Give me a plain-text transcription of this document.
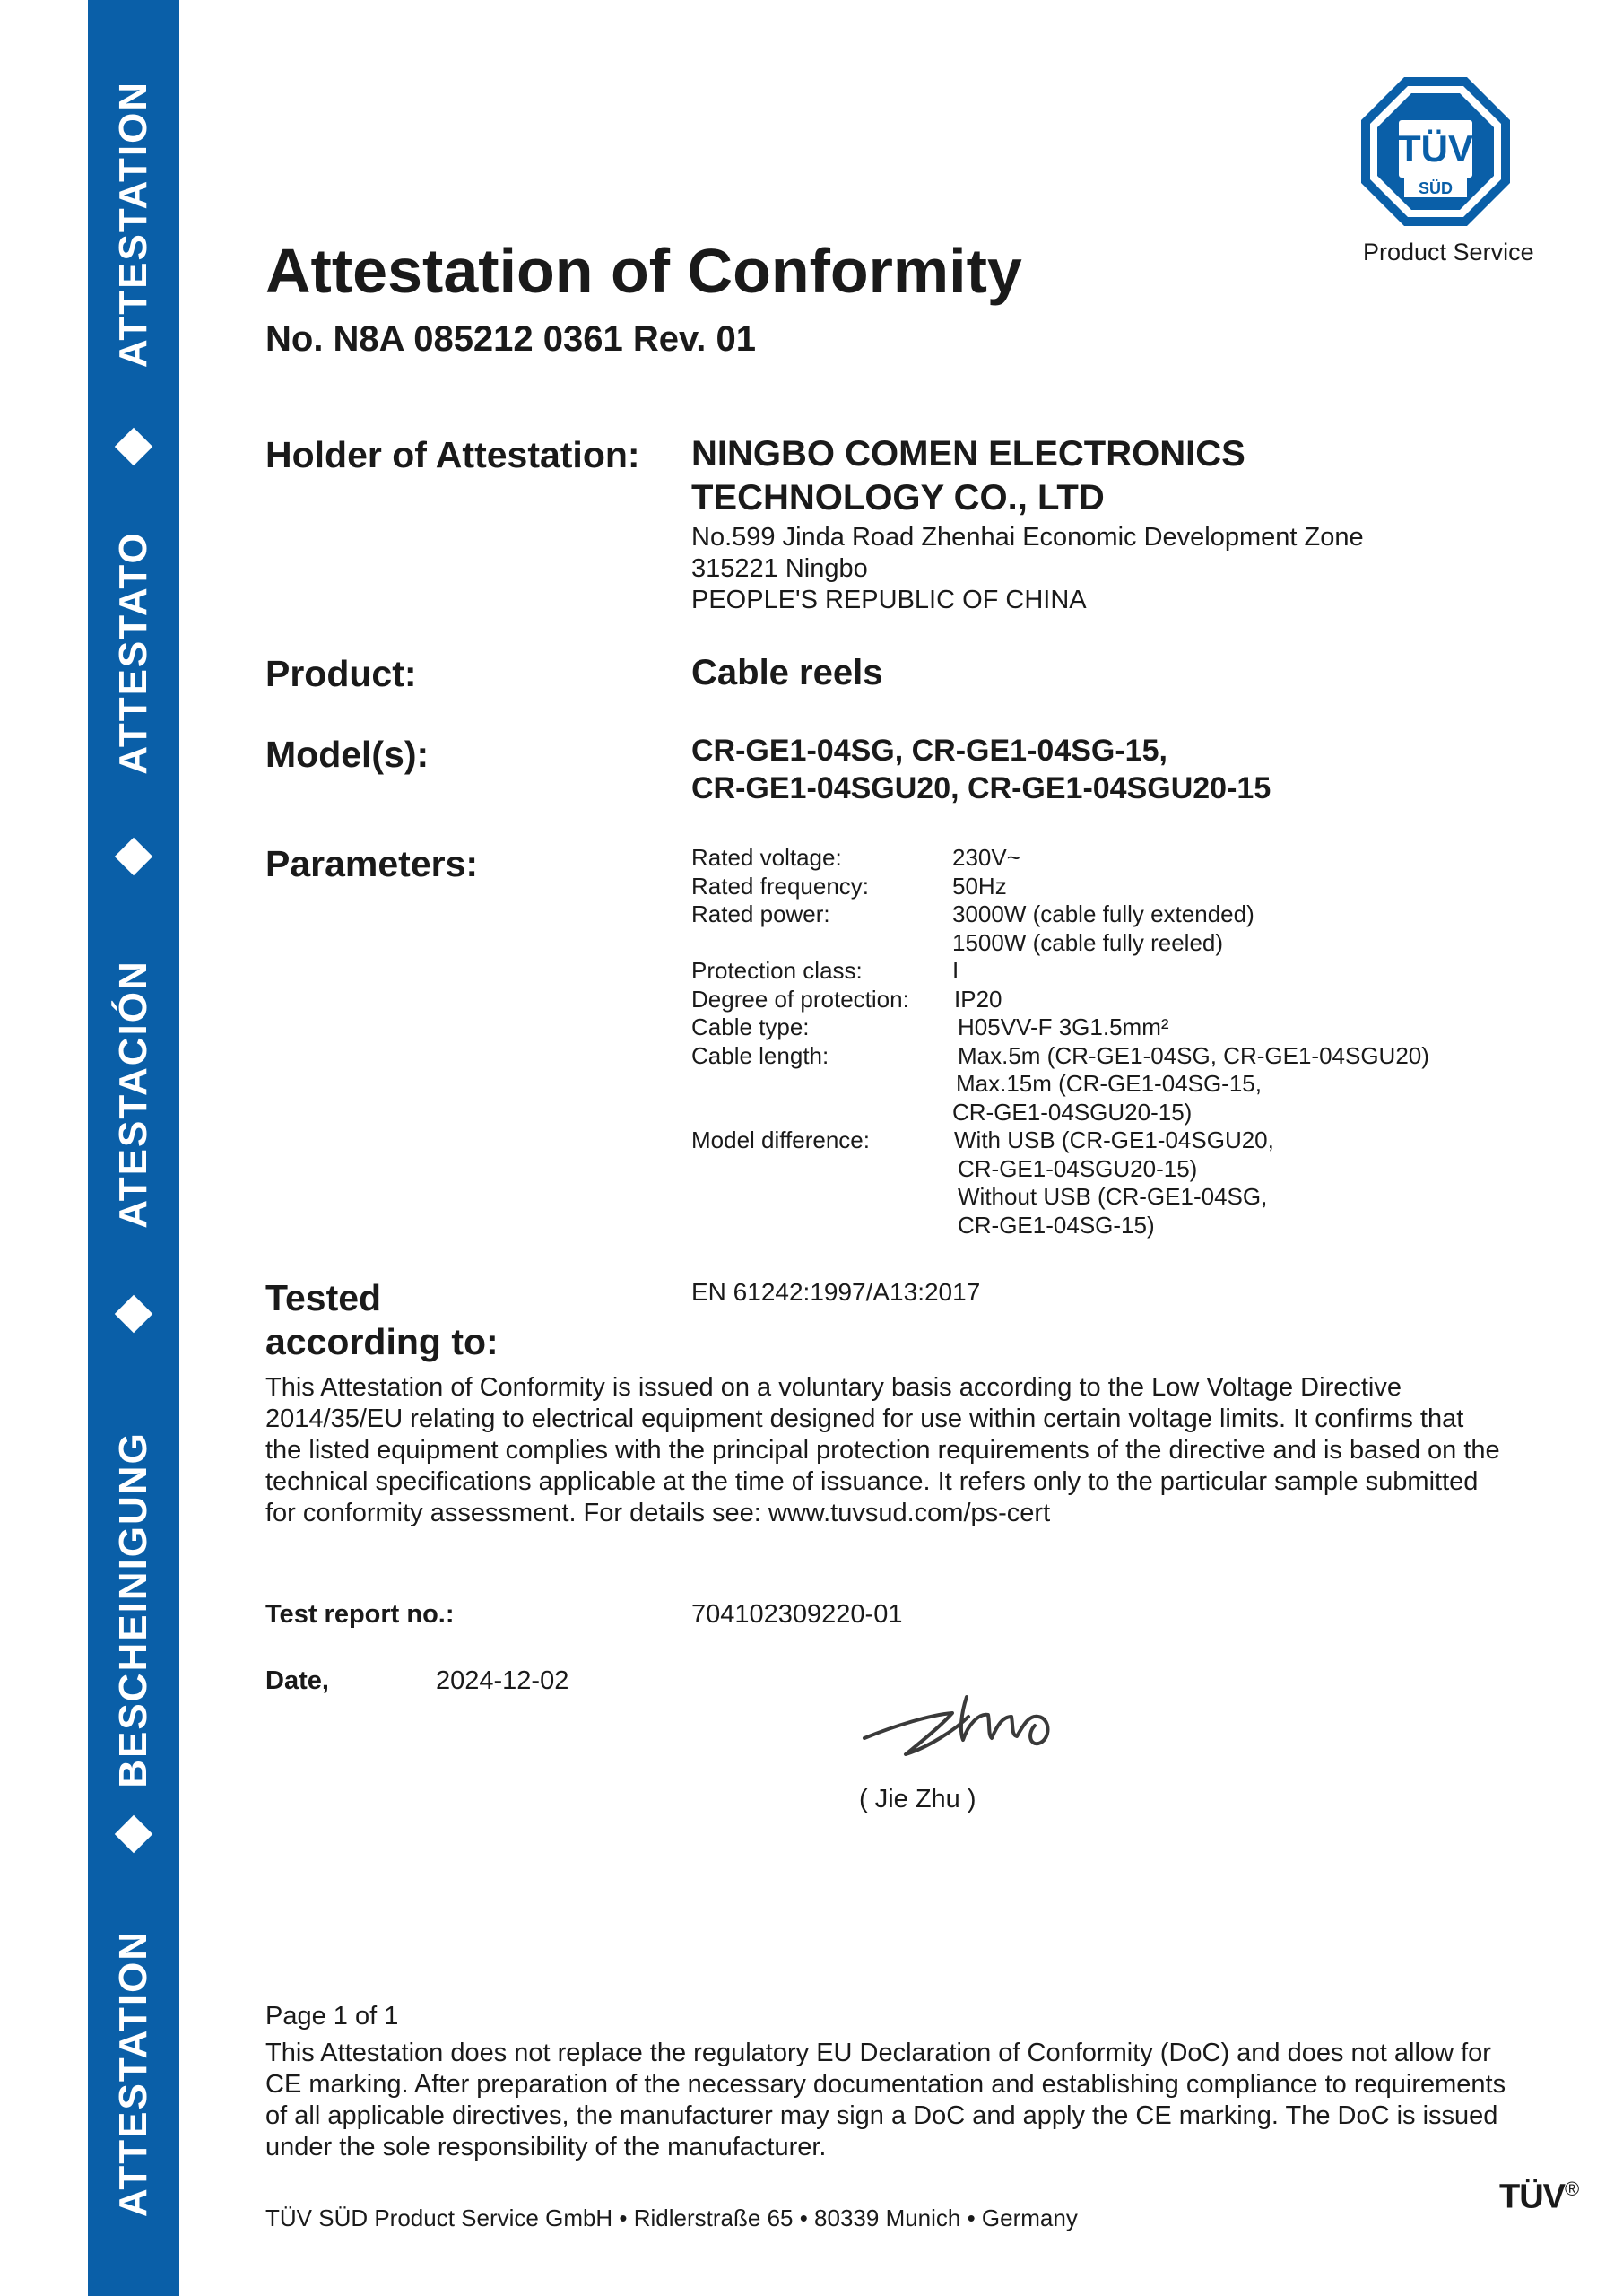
ATTESTATION
ATTESTATO
ATESTACIÓN
BESCHEINIGUNG
ATTESTATION
TÜV
SÜD
Product Service
Attestation of Conformity
No. N8A 085212 0361 Rev. 01
Holder of Attestation: NINGBO COMEN ELECTRONICS
TECHNOLOGY CO., LTD
No.599 Jinda Road Zhenhai Economic Development Zone
315221 Ningbo
PEOPLE'S REPUBLIC OF CHINA
Product:	Cable reels
Model(s):	CR-GE1-04SG, CR-GE1-04SG-15,
CR-GE1-04SGU20, CR-GE1-04SGU20-15
Parameters:	Rated voltage:	230V~
Rated frequency:	50Hz
Rated power:	3000W (cable fully extended)
1500W (cable fully reeled)
Protection class:	I
Degree of protection: IP20
Cable type:	H05VV-F 3G1.5mm²
Cable length:	Max.5m (CR-GE1-04SG, CR-GE1-04SGU20)
Max.15m (CR-GE1-04SG-15,
CR-GE1-04SGU20-15)
Model difference:	With USB (CR-GE1-04SGU20,
CR-GE1-04SGU20-15)
Without USB (CR-GE1-04SG,
CR-GE1-04SG-15)
Tested
according to:
EN 61242:1997/A13:2017
This Attestation of Conformity is issued on a voluntary basis according to the Low Voltage Directive 2014/35/EU relating to electrical equipment designed for use within certain voltage limits. It confirms that the listed equipment complies with the principal protection requirements of the directive and is based on the technical specifications applicable at the time of issuance. It refers only to the particular sample submitted for conformity assessment. For details see: www.tuvsud.com/ps-cert
Test report no.:	704102309220-01
Date,	2024-12-02
( Jie Zhu )
Page 1 of 1
This Attestation does not replace the regulatory EU Declaration of Conformity (DoC) and does not allow for CE marking. After preparation of the necessary documentation and establishing compliance to requirements of all applicable directives, the manufacturer may sign a DoC and apply the CE marking. The DoC is issued under the sole responsibility of the manufacturer.
TÜV SÜD Product Service GmbH • Ridlerstraße 65 • 80339 Munich • Germany
TÜV®
